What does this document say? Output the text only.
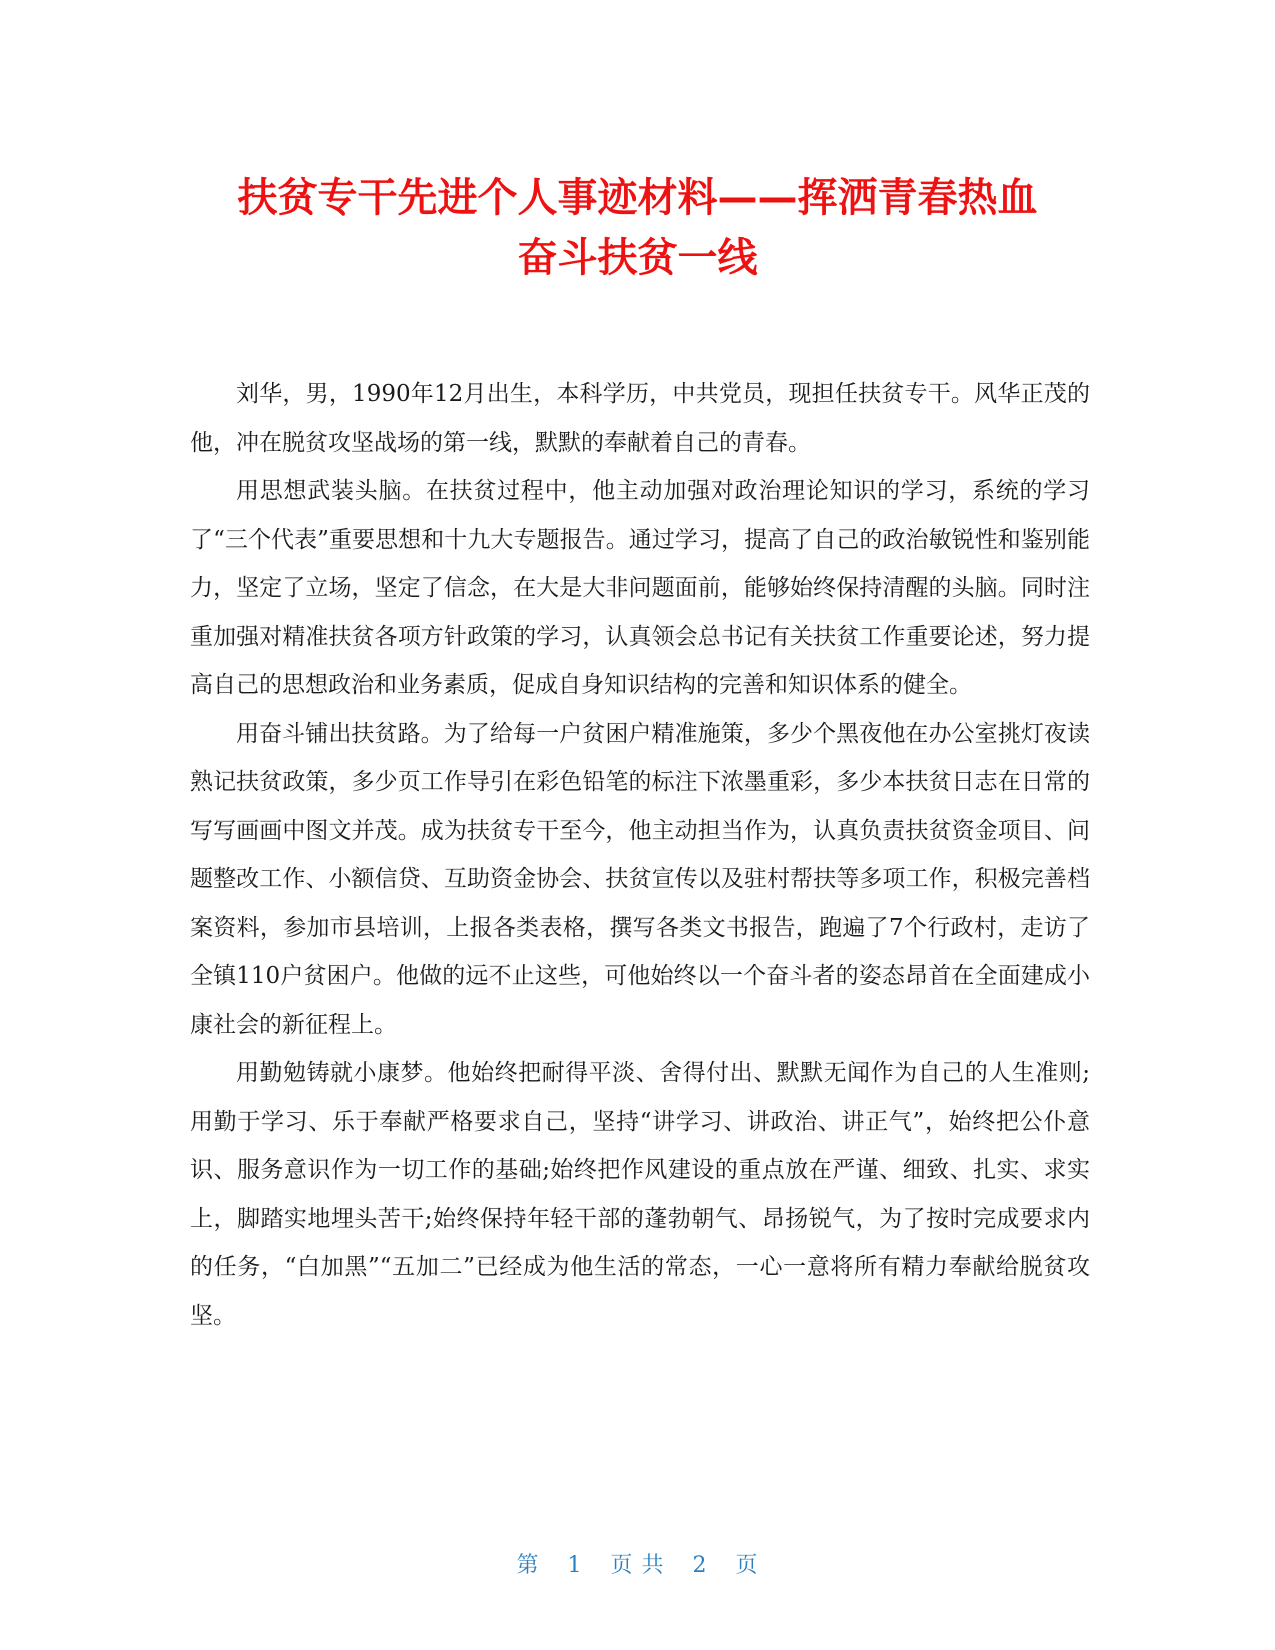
扶贫专干先进个人事迹材料——挥洒青春热血
奋斗扶贫一线

刘华，男，1990年12月出生，本科学历，中共党员，现担任扶贫专干。风华正茂的他，冲在脱贫攻坚战场的第一线，默默的奉献着自己的青春。

用思想武装头脑。在扶贫过程中，他主动加强对政治理论知识的学习，系统的学习了“三个代表”重要思想和十九大专题报告。通过学习，提高了自己的政治敏锐性和鉴别能力，坚定了立场，坚定了信念，在大是大非问题面前，能够始终保持清醒的头脑。同时注重加强对精准扶贫各项方针政策的学习，认真领会总书记有关扶贫工作重要论述，努力提高自己的思想政治和业务素质，促成自身知识结构的完善和知识体系的健全。

用奋斗铺出扶贫路。为了给每一户贫困户精准施策，多少个黑夜他在办公室挑灯夜读熟记扶贫政策，多少页工作导引在彩色铅笔的标注下浓墨重彩，多少本扶贫日志在日常的写写画画中图文并茂。成为扶贫专干至今，他主动担当作为，认真负责扶贫资金项目、问题整改工作、小额信贷、互助资金协会、扶贫宣传以及驻村帮扶等多项工作，积极完善档案资料，参加市县培训，上报各类表格，撰写各类文书报告，跑遍了7个行政村，走访了全镇110户贫困户。他做的远不止这些，可他始终以一个奋斗者的姿态昂首在全面建成小康社会的新征程上。

用勤勉铸就小康梦。他始终把耐得平淡、舍得付出、默默无闻作为自己的人生准则;用勤于学习、乐于奉献严格要求自己，坚持“讲学习、讲政治、讲正气”，始终把公仆意识、服务意识作为一切工作的基础;始终把作风建设的重点放在严谨、细致、扎实、求实上，脚踏实地埋头苦干;始终保持年轻干部的蓬勃朝气、昂扬锐气，为了按时完成要求内的任务，“白加黑”“五加二”已经成为他生活的常态，一心一意将所有精力奉献给脱贫攻坚。

第 1 页 共 2 页
